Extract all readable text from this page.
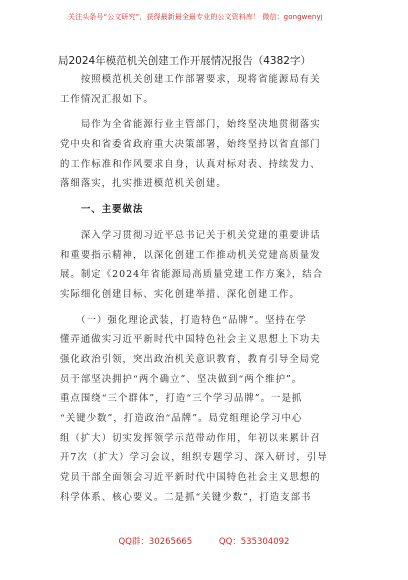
关注头条号“公文研究”，获得最新最全最专业的公文资料库！ 微信：gongwenyj
局2024年模范机关创建工作开展情况报告（4382字）
　　按照模范机关创建工作部署要求，现将省能源局有关
工作情况汇报如下。
　　局作为全省能源行业主管部门，始终坚决地贯彻落实
党中央和省委省政府重大决策部署，始终坚持以省直部门
的工作标准和作风要求自身，认真对标对表、持续发力、
落细落实，扎实推进模范机关创建。
　　一、主要做法
　　深入学习贯彻习近平总书记关于机关党建的重要讲话
和重要指示精神，以深化创建工作推动机关党建高质量发
展。制定《2024年省能源局高质量党建工作方案》，结合
实际细化创建目标、实化创建举措、深化创建工作。
　　（一）强化理论武装，打造特色“品牌”。坚持在学
懂弄通做实习近平新时代中国特色社会主义思想上下功夫
强化政治引领，突出政治机关意识教育，教育引导全局党
员干部坚决拥护“两个确立”、坚决做到“两个维护”。
重点围绕“三个群体”，打造“三个学习品牌”。一是抓
“关键少数”，打造政治“品牌”。局党组理论学习中心
组（扩大）切实发挥领学示范带动作用，年初以来累计召
开7次（扩大）学习会议，组织专题学习、深入研讨，引导
党员干部全面领会习近平新时代中国特色社会主义思想的
科学体系、核心要义。二是抓“关键少数”，打造支部书
QQ群：30265665	QQ：535304092
